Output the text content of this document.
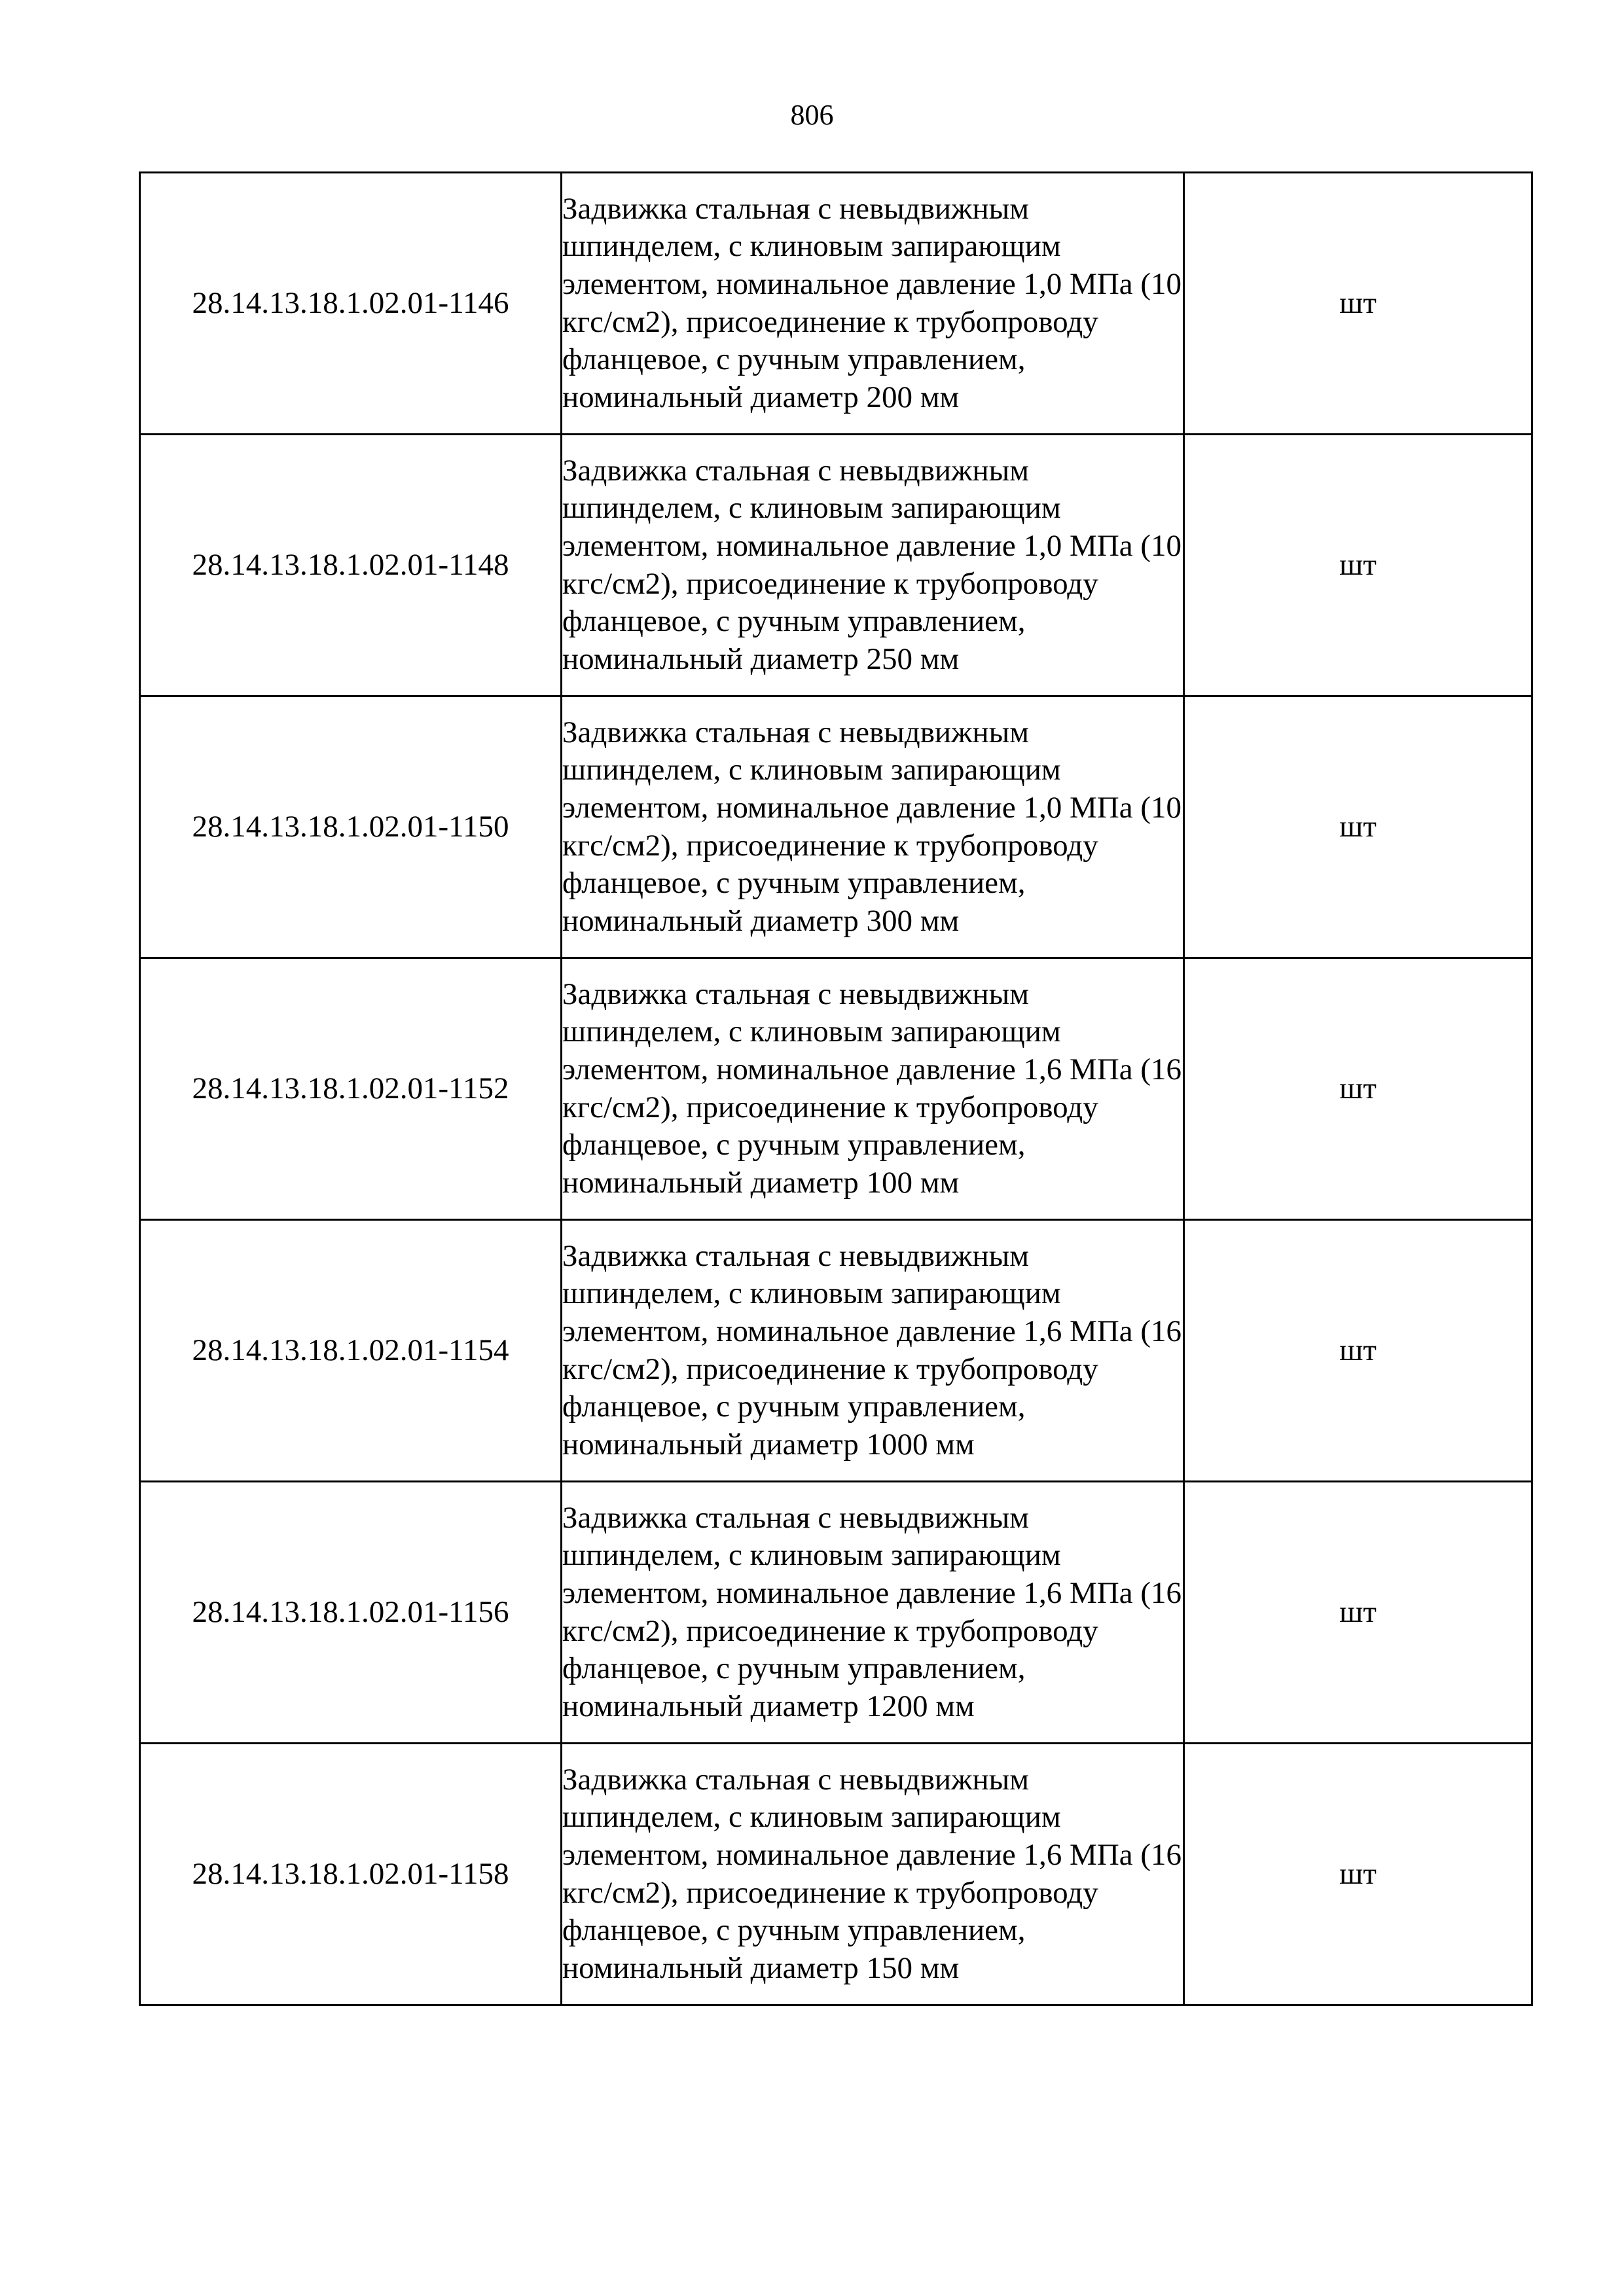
806
28.14.13.18.1.02.01-1146	Задвижка стальная с невыдвижным шпинделем, с клиновым запирающим элементом, номинальное давление 1,0 МПа (10 кгс/см2), присоединение к трубопроводу фланцевое, с ручным управлением, номинальный диаметр 200 мм	шт
28.14.13.18.1.02.01-1148	Задвижка стальная с невыдвижным шпинделем, с клиновым запирающим элементом, номинальное давление 1,0 МПа (10 кгс/см2), присоединение к трубопроводу фланцевое, с ручным управлением, номинальный диаметр 250 мм	шт
28.14.13.18.1.02.01-1150	Задвижка стальная с невыдвижным шпинделем, с клиновым запирающим элементом, номинальное давление 1,0 МПа (10 кгс/см2), присоединение к трубопроводу фланцевое, с ручным управлением, номинальный диаметр 300 мм	шт
28.14.13.18.1.02.01-1152	Задвижка стальная с невыдвижным шпинделем, с клиновым запирающим элементом, номинальное давление 1,6 МПа (16 кгс/см2), присоединение к трубопроводу фланцевое, с ручным управлением, номинальный диаметр 100 мм	шт
28.14.13.18.1.02.01-1154	Задвижка стальная с невыдвижным шпинделем, с клиновым запирающим элементом, номинальное давление 1,6 МПа (16 кгс/см2), присоединение к трубопроводу фланцевое, с ручным управлением, номинальный диаметр 1000 мм	шт
28.14.13.18.1.02.01-1156	Задвижка стальная с невыдвижным шпинделем, с клиновым запирающим элементом, номинальное давление 1,6 МПа (16 кгс/см2), присоединение к трубопроводу фланцевое, с ручным управлением, номинальный диаметр 1200 мм	шт
28.14.13.18.1.02.01-1158	Задвижка стальная с невыдвижным шпинделем, с клиновым запирающим элементом, номинальное давление 1,6 МПа (16 кгс/см2), присоединение к трубопроводу фланцевое, с ручным управлением, номинальный диаметр 150 мм	шт
